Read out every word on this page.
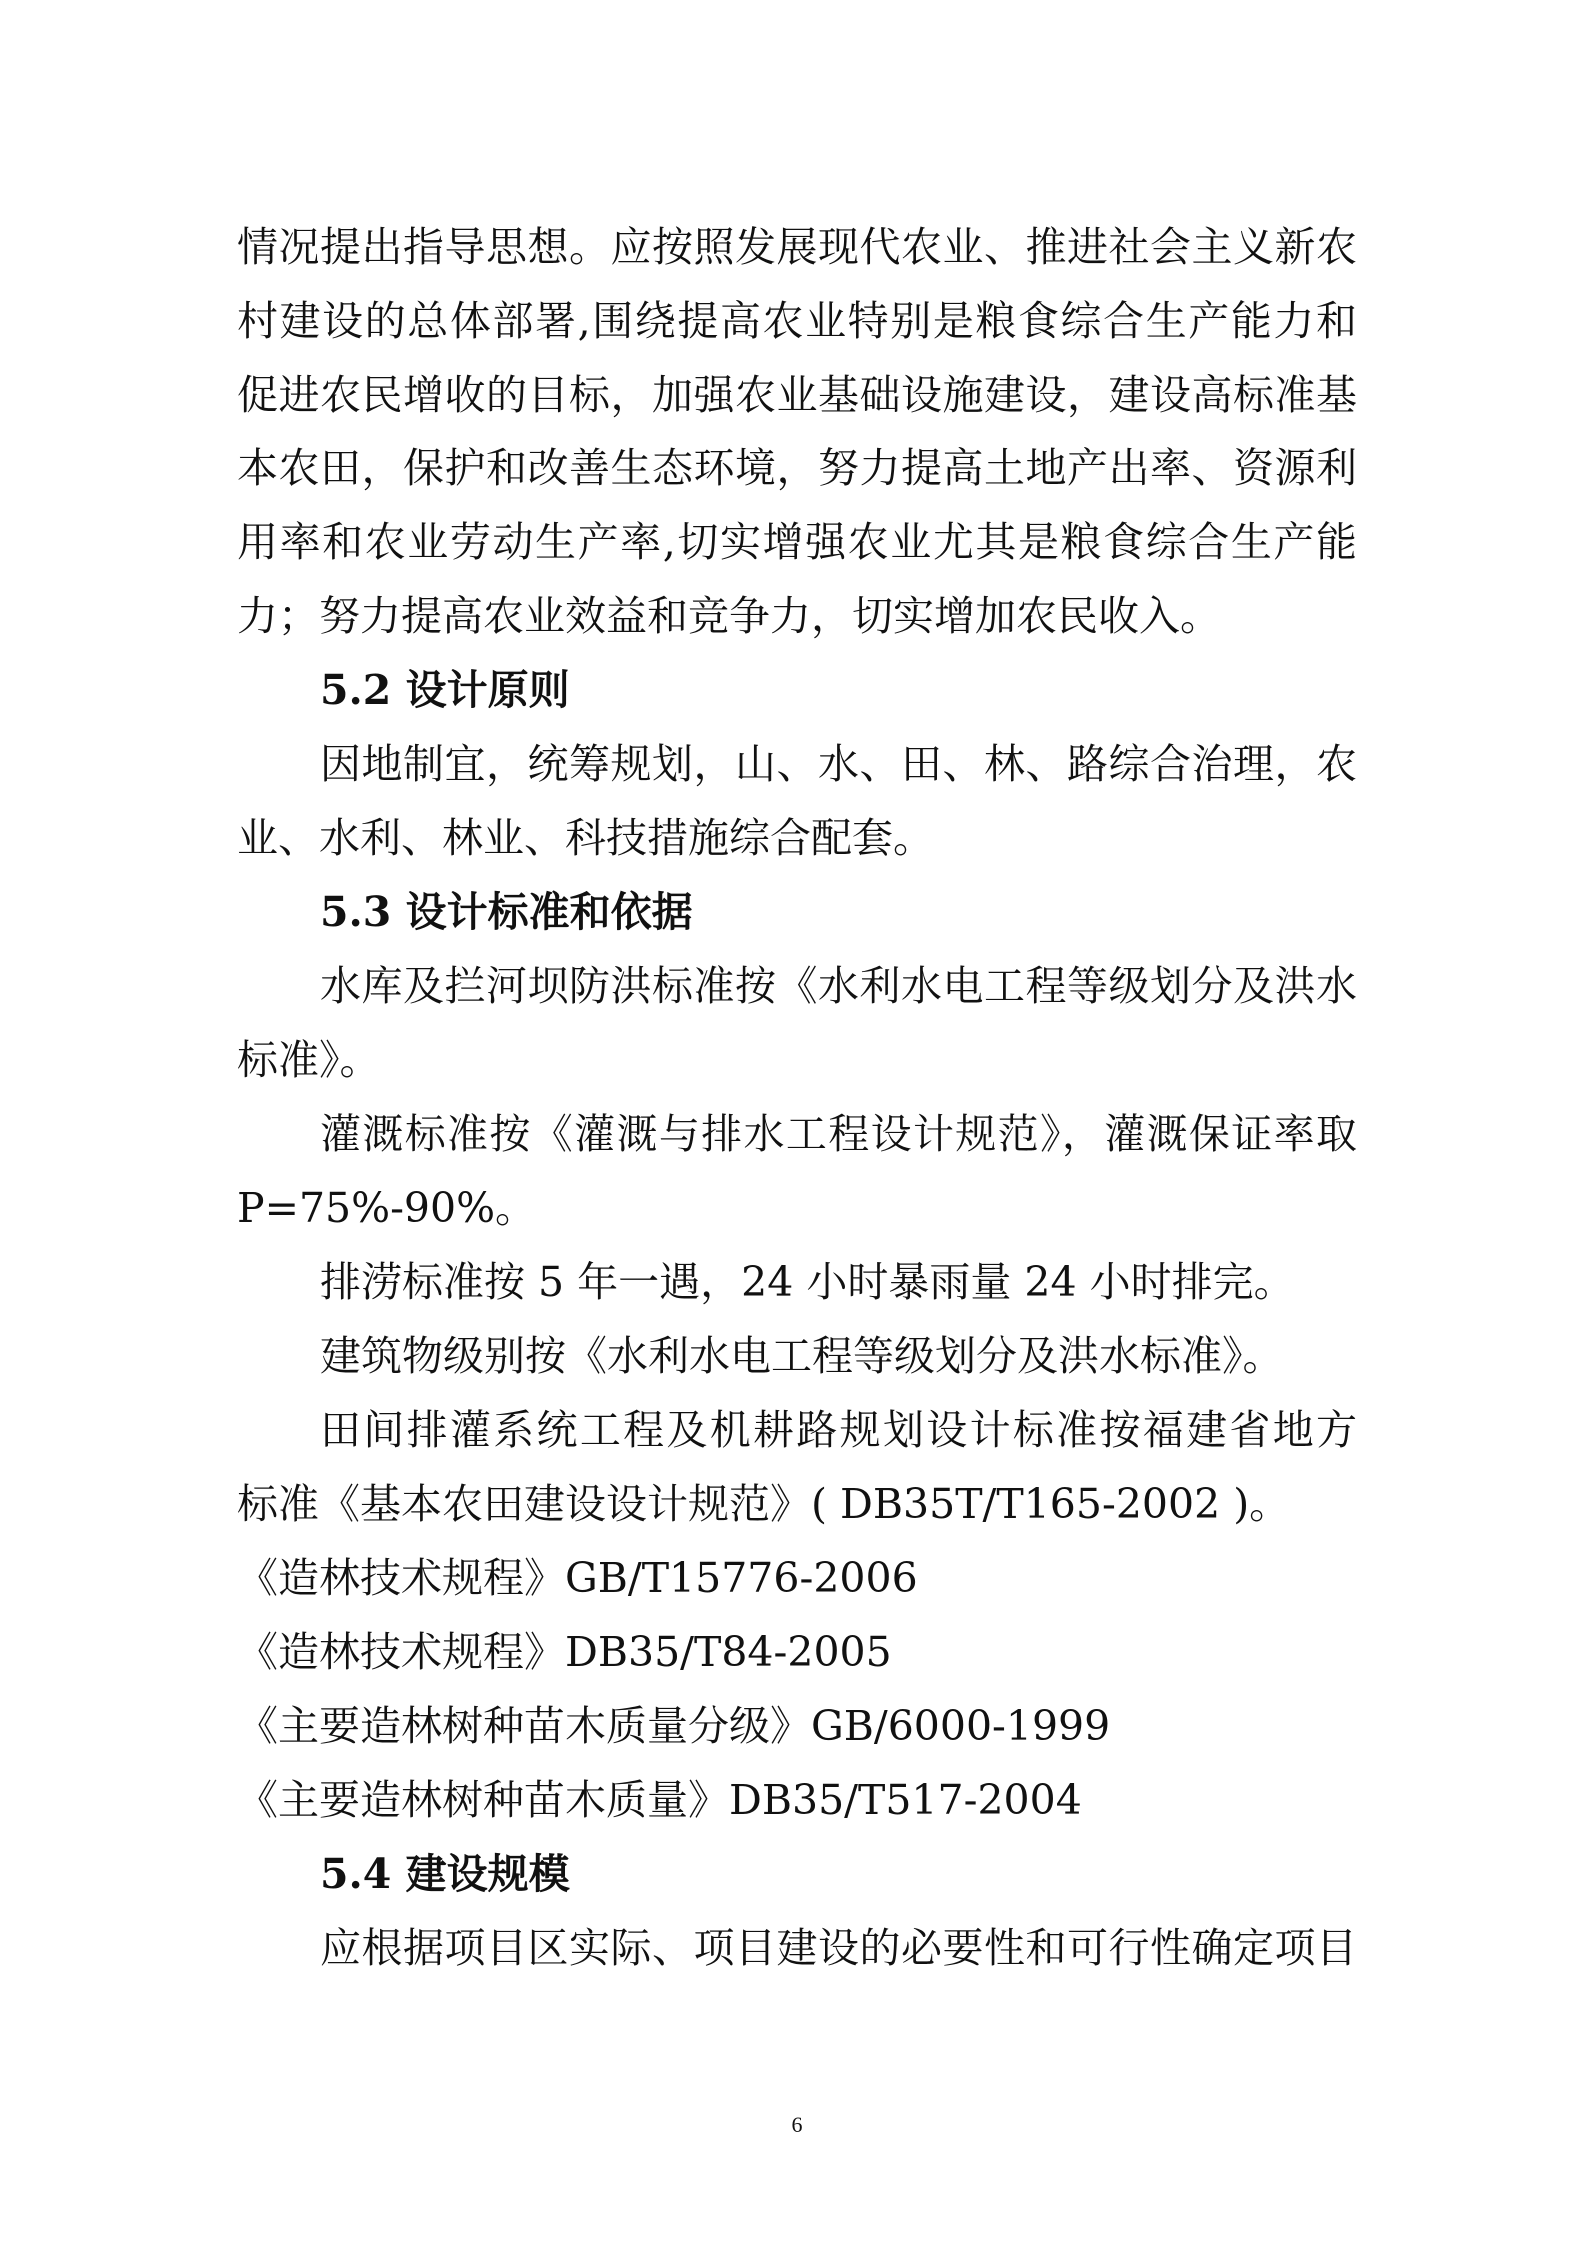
情况提出指导思想。应按照发展现代农业、推进社会主义新农
村建设的总体部署,围绕提高农业特别是粮食综合生产能力和
促进农民增收的目标，加强农业基础设施建设，建设高标准基
本农田，保护和改善生态环境，努力提高土地产出率、资源利
用率和农业劳动生产率,切实增强农业尤其是粮食综合生产能
力；努力提高农业效益和竞争力，切实增加农民收入。
5.2 设计原则
因地制宜，统筹规划，山、水、田、林、路综合治理，农
业、水利、林业、科技措施综合配套。
5.3 设计标准和依据
水库及拦河坝防洪标准按《水利水电工程等级划分及洪水
标准》。
灌溉标准按《灌溉与排水工程设计规范》，灌溉保证率取
P=75%-90%。
排涝标准按 5 年一遇，24 小时暴雨量 24 小时排完。
建筑物级别按《水利水电工程等级划分及洪水标准》。
田间排灌系统工程及机耕路规划设计标准按福建省地方
标准《基本农田建设设计规范》( DB35T/T165-2002 )。
《造林技术规程》GB/T15776-2006
《造林技术规程》DB35/T84-2005
《主要造林树种苗木质量分级》GB/6000-1999
《主要造林树种苗木质量》DB35/T517-2004
5.4 建设规模
应根据项目区实际、项目建设的必要性和可行性确定项目
6
